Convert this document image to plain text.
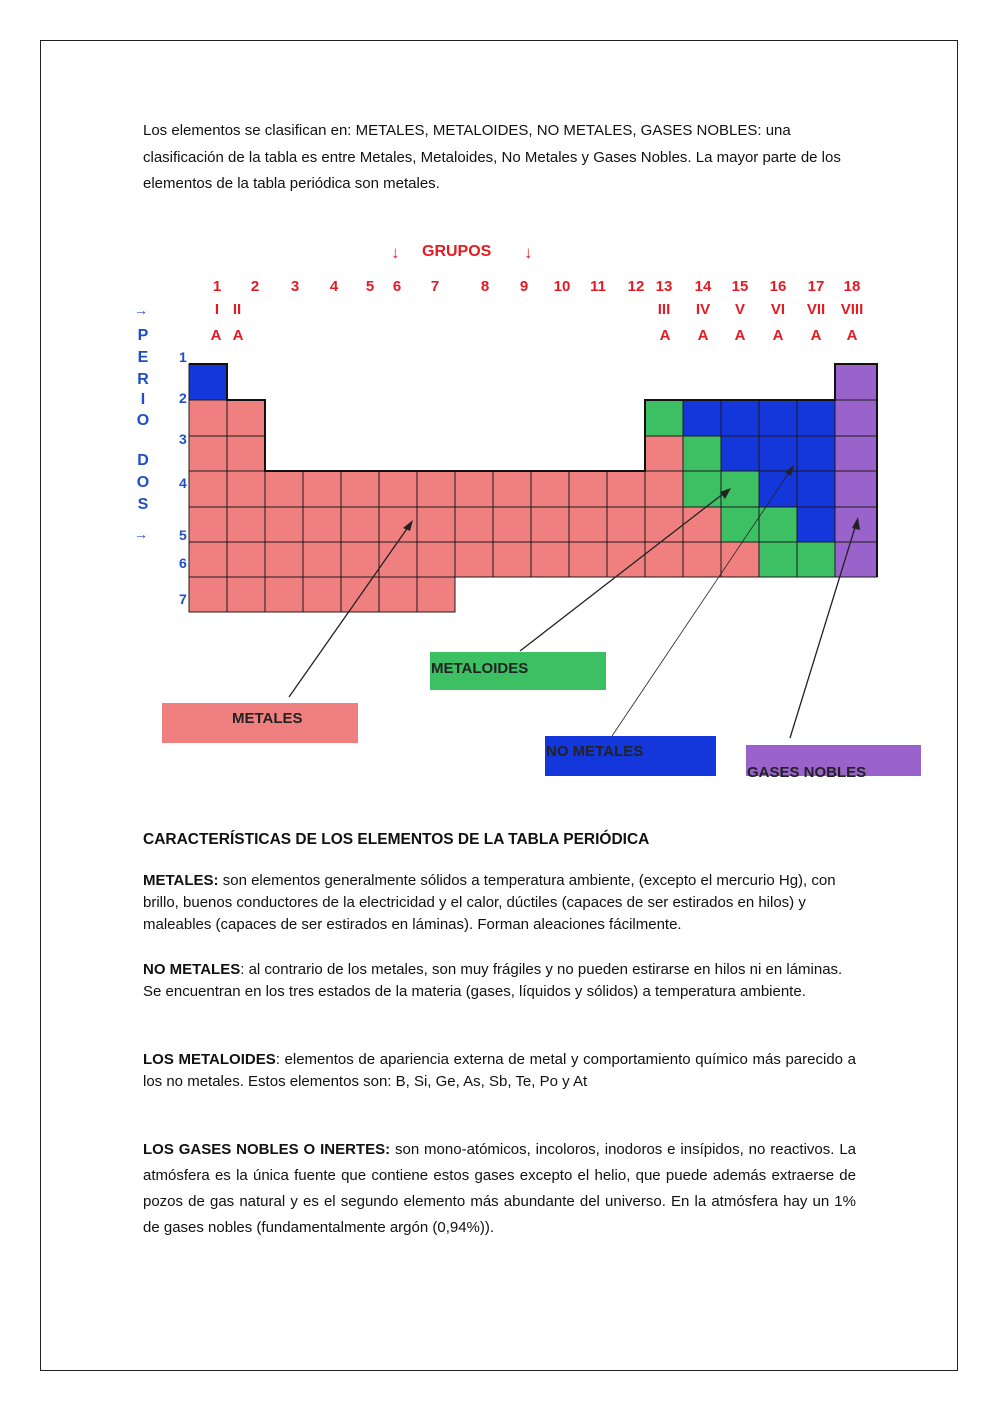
Los elementos se clasifican en: METALES, METALOIDES, NO METALES, GASES NOBLES: una clasificación de la tabla es entre Metales, Metaloides, No Metales y Gases Nobles. La mayor parte de los elementos de la tabla periódica son metales.

↓ GRUPOS ↓
1 2 3 4 5 6 7	8 9 10 11 12 13 14 15 16 17 18
I
A
II
A
III
A
IV
A
V
A
VI
A
VII
A
VIII
A
→
P
E
R
I
O
D
O
S
→
1
2
3
4
5
6
7
METALES
METALOIDES
NO METALES
GASES NOBLES

CARACTERÍSTICAS DE LOS ELEMENTOS DE LA TABLA PERIÓDICA

METALES: son elementos generalmente sólidos a temperatura ambiente, (excepto el mercurio Hg), con brillo, buenos conductores de la electricidad y el calor, dúctiles (capaces de ser estirados en hilos) y maleables (capaces de ser estirados en láminas). Forman aleaciones fácilmente.

NO METALES: al contrario de los metales, son muy frágiles y no pueden estirarse en hilos ni en láminas. Se encuentran en los tres estados de la materia (gases, líquidos y sólidos) a temperatura ambiente.

LOS METALOIDES: elementos de apariencia externa de metal y comportamiento químico más parecido a los no metales. Estos elementos son: B, Si, Ge, As, Sb, Te, Po y At

LOS GASES NOBLES O INERTES: son mono-atómicos, incoloros, inodoros e insípidos, no reactivos. La atmósfera es la única fuente que contiene estos gases excepto el helio, que puede además extraerse de pozos de gas natural y es el segundo elemento más abundante del universo. En la atmósfera hay un 1% de gases nobles (fundamentalmente argón (0,94%)).
